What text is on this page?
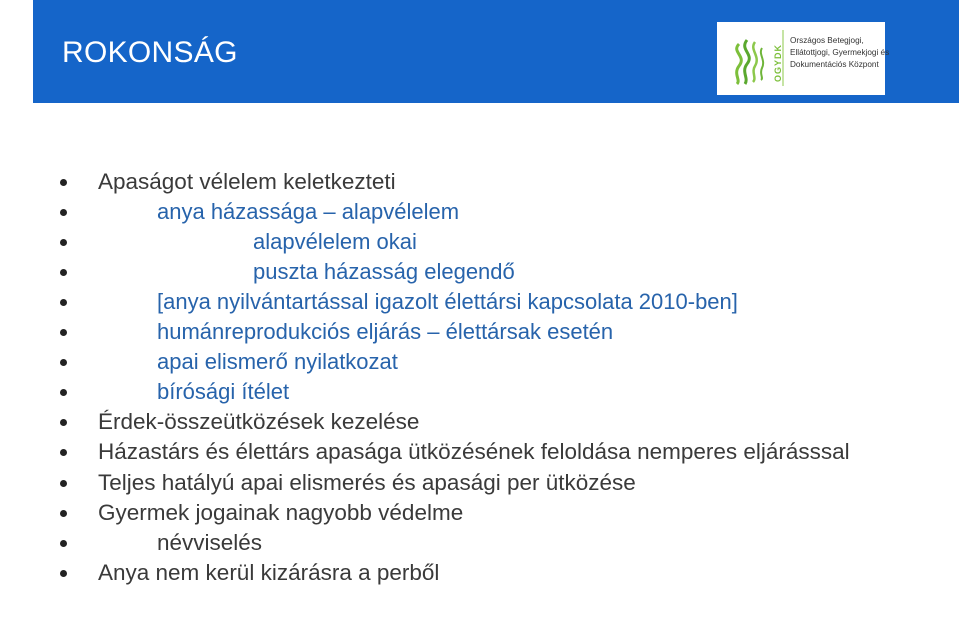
ROKONSÁG	OGYDK
Országos Betegjogi,
Ellátottjogi, Gyermekjogi és
Dokumentációs Központ
Apaságot vélelem keletkezteti
anya házassága – alapvélelem
alapvélelem okai
puszta házasság elegendő
[anya nyilvántartással igazolt élettársi kapcsolata 2010-ben]
humánreprodukciós eljárás – élettársak esetén
apai elismerő nyilatkozat
bírósági ítélet
Érdek-összeütközések kezelése
Házastárs és élettárs apasága ütközésének feloldása nemperes eljárásssal
Teljes hatályú apai elismerés és apasági per ütközése
Gyermek jogainak nagyobb védelme
névviselés
Anya nem kerül kizárásra a perből
